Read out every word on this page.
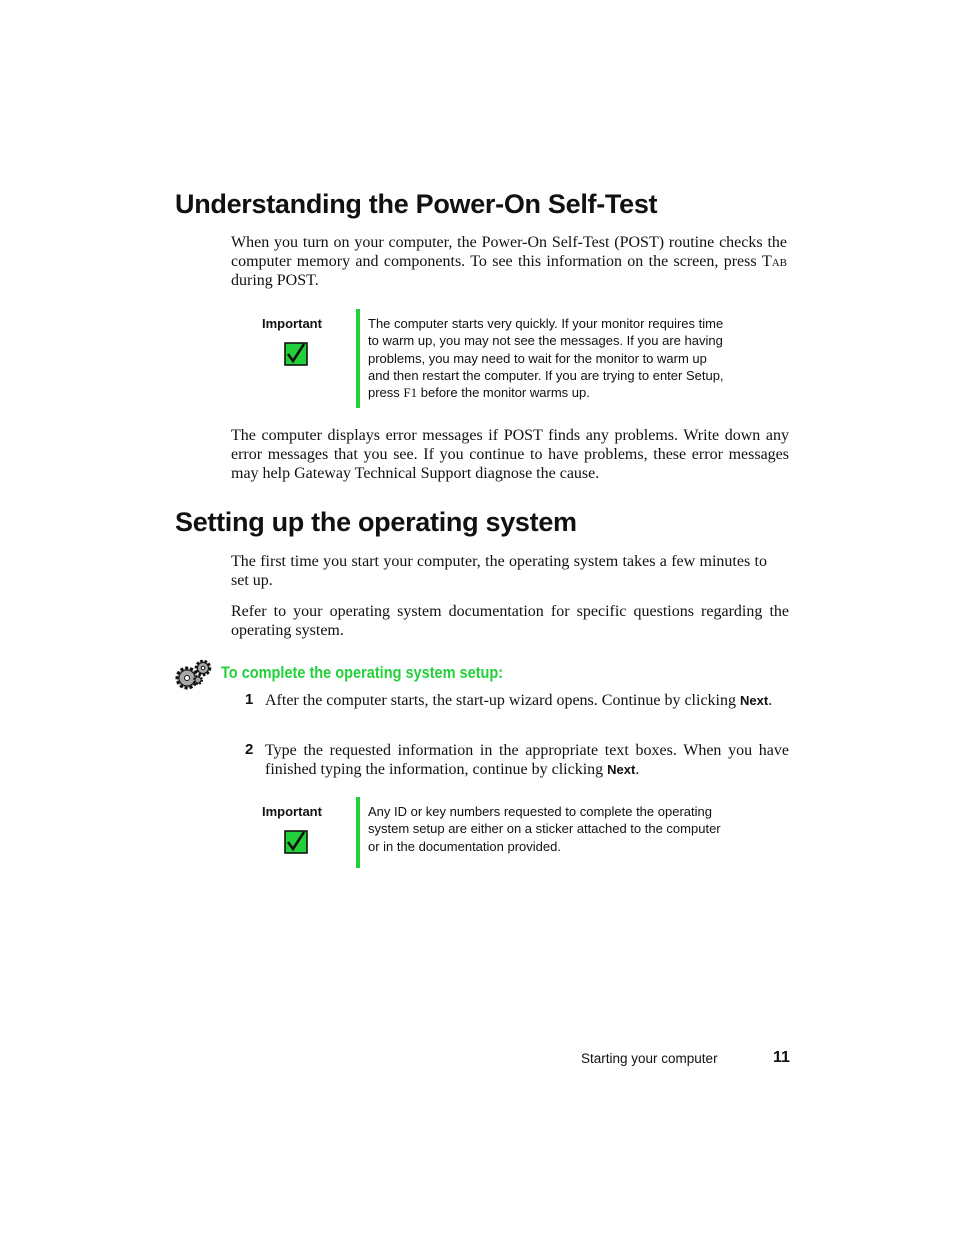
Understanding the Power-On Self-Test

When you turn on your computer, the Power-On Self-Test (POST) routine checks the computer memory and components. To see this information on the screen, press Tab during POST.

Important	The computer starts very quickly. If your monitor requires time to warm up, you may not see the messages. If you are having problems, you may need to wait for the monitor to warm up and then restart the computer. If you are trying to enter Setup, press F1 before the monitor warms up.

The computer displays error messages if POST finds any problems. Write down any error messages that you see. If you continue to have problems, these error messages may help Gateway Technical Support diagnose the cause.

Setting up the operating system

The first time you start your computer, the operating system takes a few minutes to set up.

Refer to your operating system documentation for specific questions regarding the operating system.

To complete the operating system setup:
1 After the computer starts, the start-up wizard opens. Continue by clicking Next.

2 Type the requested information in the appropriate text boxes. When you have finished typing the information, continue by clicking Next.

Important	Any ID or key numbers requested to complete the operating system setup are either on a sticker attached to the computer or in the documentation provided.

Starting your computer	11
